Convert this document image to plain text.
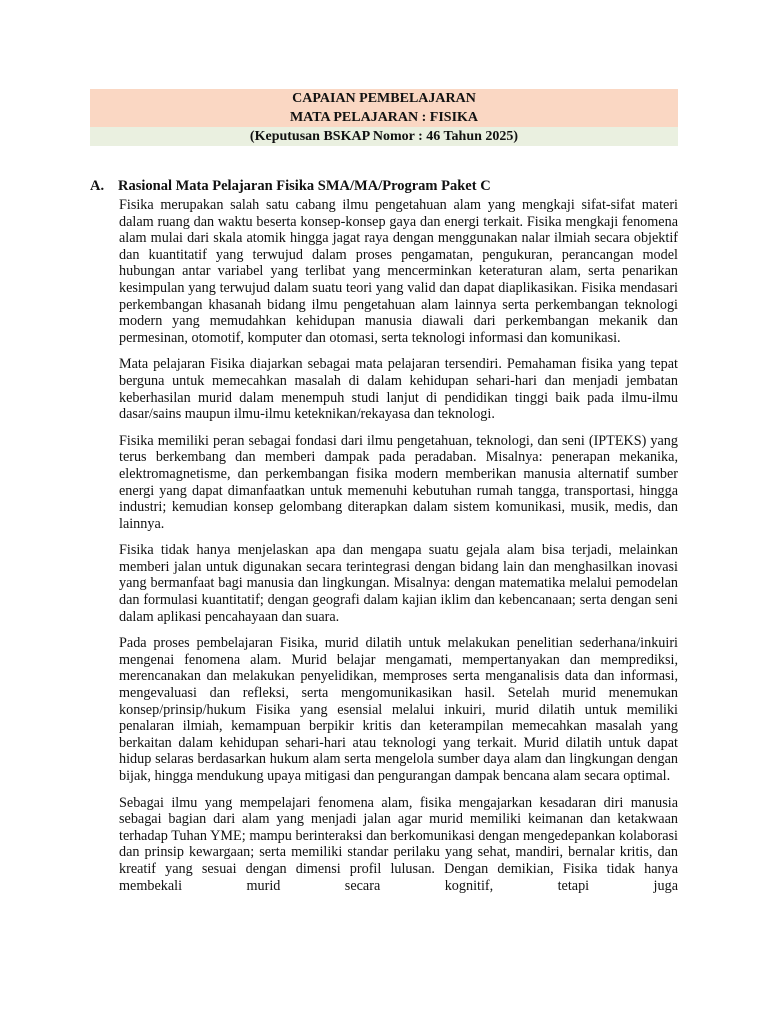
CAPAIAN PEMBELAJARAN
MATA PELAJARAN : FISIKA
(Keputusan BSKAP Nomor : 46 Tahun 2025)
A. Rasional Mata Pelajaran Fisika SMA/MA/Program Paket C

Fisika merupakan salah satu cabang ilmu pengetahuan alam yang mengkaji sifat-sifat materi dalam ruang dan waktu beserta konsep-konsep gaya dan energi terkait. Fisika mengkaji fenomena alam mulai dari skala atomik hingga jagat raya dengan menggunakan nalar ilmiah secara objektif dan kuantitatif yang terwujud dalam proses pengamatan, pengukuran, perancangan model hubungan antar variabel yang terlibat yang mencerminkan keteraturan alam, serta penarikan kesimpulan yang terwujud dalam suatu teori yang valid dan dapat diaplikasikan. Fisika mendasari perkembangan khasanah bidang ilmu pengetahuan alam lainnya serta perkembangan teknologi modern yang memudahkan kehidupan manusia diawali dari perkembangan mekanik dan permesinan, otomotif, komputer dan otomasi, serta teknologi informasi dan komunikasi.

Mata pelajaran Fisika diajarkan sebagai mata pelajaran tersendiri. Pemahaman fisika yang tepat berguna untuk memecahkan masalah di dalam kehidupan sehari-hari dan menjadi jembatan keberhasilan murid dalam menempuh studi lanjut di pendidikan tinggi baik pada ilmu-ilmu dasar/sains maupun ilmu-ilmu keteknikan/rekayasa dan teknologi.

Fisika memiliki peran sebagai fondasi dari ilmu pengetahuan, teknologi, dan seni (IPTEKS) yang terus berkembang dan memberi dampak pada peradaban. Misalnya: penerapan mekanika, elektromagnetisme, dan perkembangan fisika modern memberikan manusia alternatif sumber energi yang dapat dimanfaatkan untuk memenuhi kebutuhan rumah tangga, transportasi, hingga industri; kemudian konsep gelombang diterapkan dalam sistem komunikasi, musik, medis, dan lainnya.

Fisika tidak hanya menjelaskan apa dan mengapa suatu gejala alam bisa terjadi, melainkan memberi jalan untuk digunakan secara terintegrasi dengan bidang lain dan menghasilkan inovasi yang bermanfaat bagi manusia dan lingkungan. Misalnya: dengan matematika melalui pemodelan dan formulasi kuantitatif; dengan geografi dalam kajian iklim dan kebencanaan; serta dengan seni dalam aplikasi pencahayaan dan suara.

Pada proses pembelajaran Fisika, murid dilatih untuk melakukan penelitian sederhana/inkuiri mengenai fenomena alam. Murid belajar mengamati, mempertanyakan dan memprediksi, merencanakan dan melakukan penyelidikan, memproses serta menganalisis data dan informasi, mengevaluasi dan refleksi, serta mengomunikasikan hasil. Setelah murid menemukan konsep/prinsip/hukum Fisika yang esensial melalui inkuiri, murid dilatih untuk memiliki penalaran ilmiah, kemampuan berpikir kritis dan keterampilan memecahkan masalah yang berkaitan dalam kehidupan sehari-hari atau teknologi yang terkait. Murid dilatih untuk dapat hidup selaras berdasarkan hukum alam serta mengelola sumber daya alam dan lingkungan dengan bijak, hingga mendukung upaya mitigasi dan pengurangan dampak bencana alam secara optimal.

Sebagai ilmu yang mempelajari fenomena alam, fisika mengajarkan kesadaran diri manusia sebagai bagian dari alam yang menjadi jalan agar murid memiliki keimanan dan ketakwaan terhadap Tuhan YME; mampu berinteraksi dan berkomunikasi dengan mengedepankan kolaborasi dan prinsip kewargaan; serta memiliki standar perilaku yang sehat, mandiri, bernalar kritis, dan kreatif yang sesuai dengan dimensi profil lulusan. Dengan demikian, Fisika tidak hanya membekali murid secara kognitif, tetapi juga
